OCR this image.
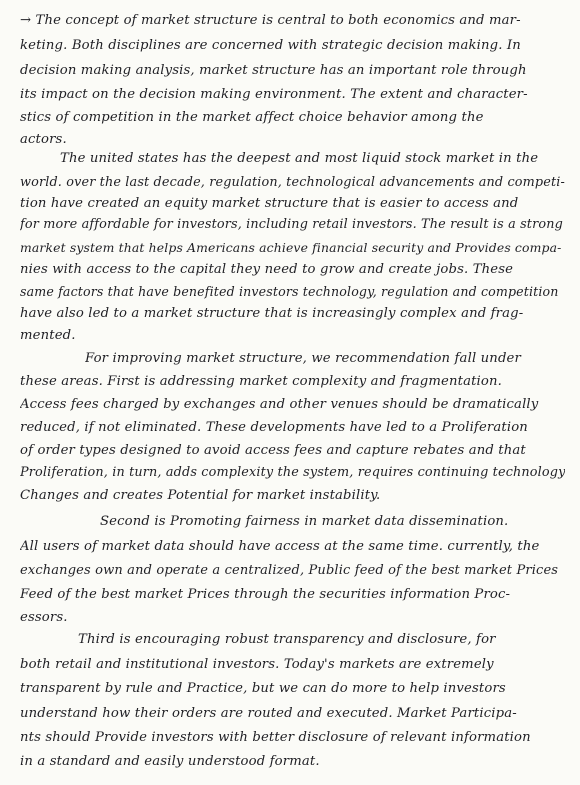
→ The concept of market structure is central to both economics and mar-
keting. Both disciplines are concerned with strategic decision making. In
decision making analysis, market structure has an important role through
its impact on the decision making environment. The extent and character-
stics of competition in the market affect choice behavior among the
actors.
The united states has the deepest and most liquid stock market in the
world. over the last decade, regulation, technological advancements and competi-
tion have created an equity market structure that is easier to access and
for more affordable for investors, including retail investors. The result is a strong
market system that helps Americans achieve financial security and Provides compa-
nies with access to the capital they need to grow and create jobs. These
same factors that have benefited investors technology, regulation and competition
have also led to a market structure that is increasingly complex and frag-
mented.
For improving market structure, we recommendation fall under
these areas. First is addressing market complexity and fragmentation.
Access fees charged by exchanges and other venues should be dramatically
reduced, if not eliminated. These developments have led to a Proliferation
of order types designed to avoid access fees and capture rebates and that
Proliferation, in turn, adds complexity the system, requires continuing technology
Changes and creates Potential for market instability.
Second is Promoting fairness in market data dissemination.
All users of market data should have access at the same time. currently, the
exchanges own and operate a centralized, Public feed of the best market Prices
Feed of the best market Prices through the securities information Proc-
essors.
Third is encouraging robust transparency and disclosure, for
both retail and institutional investors. Today's markets are extremely
transparent by rule and Practice, but we can do more to help investors
understand how their orders are routed and executed. Market Participa-
nts should Provide investors with better disclosure of relevant information
in a standard and easily understood format.
